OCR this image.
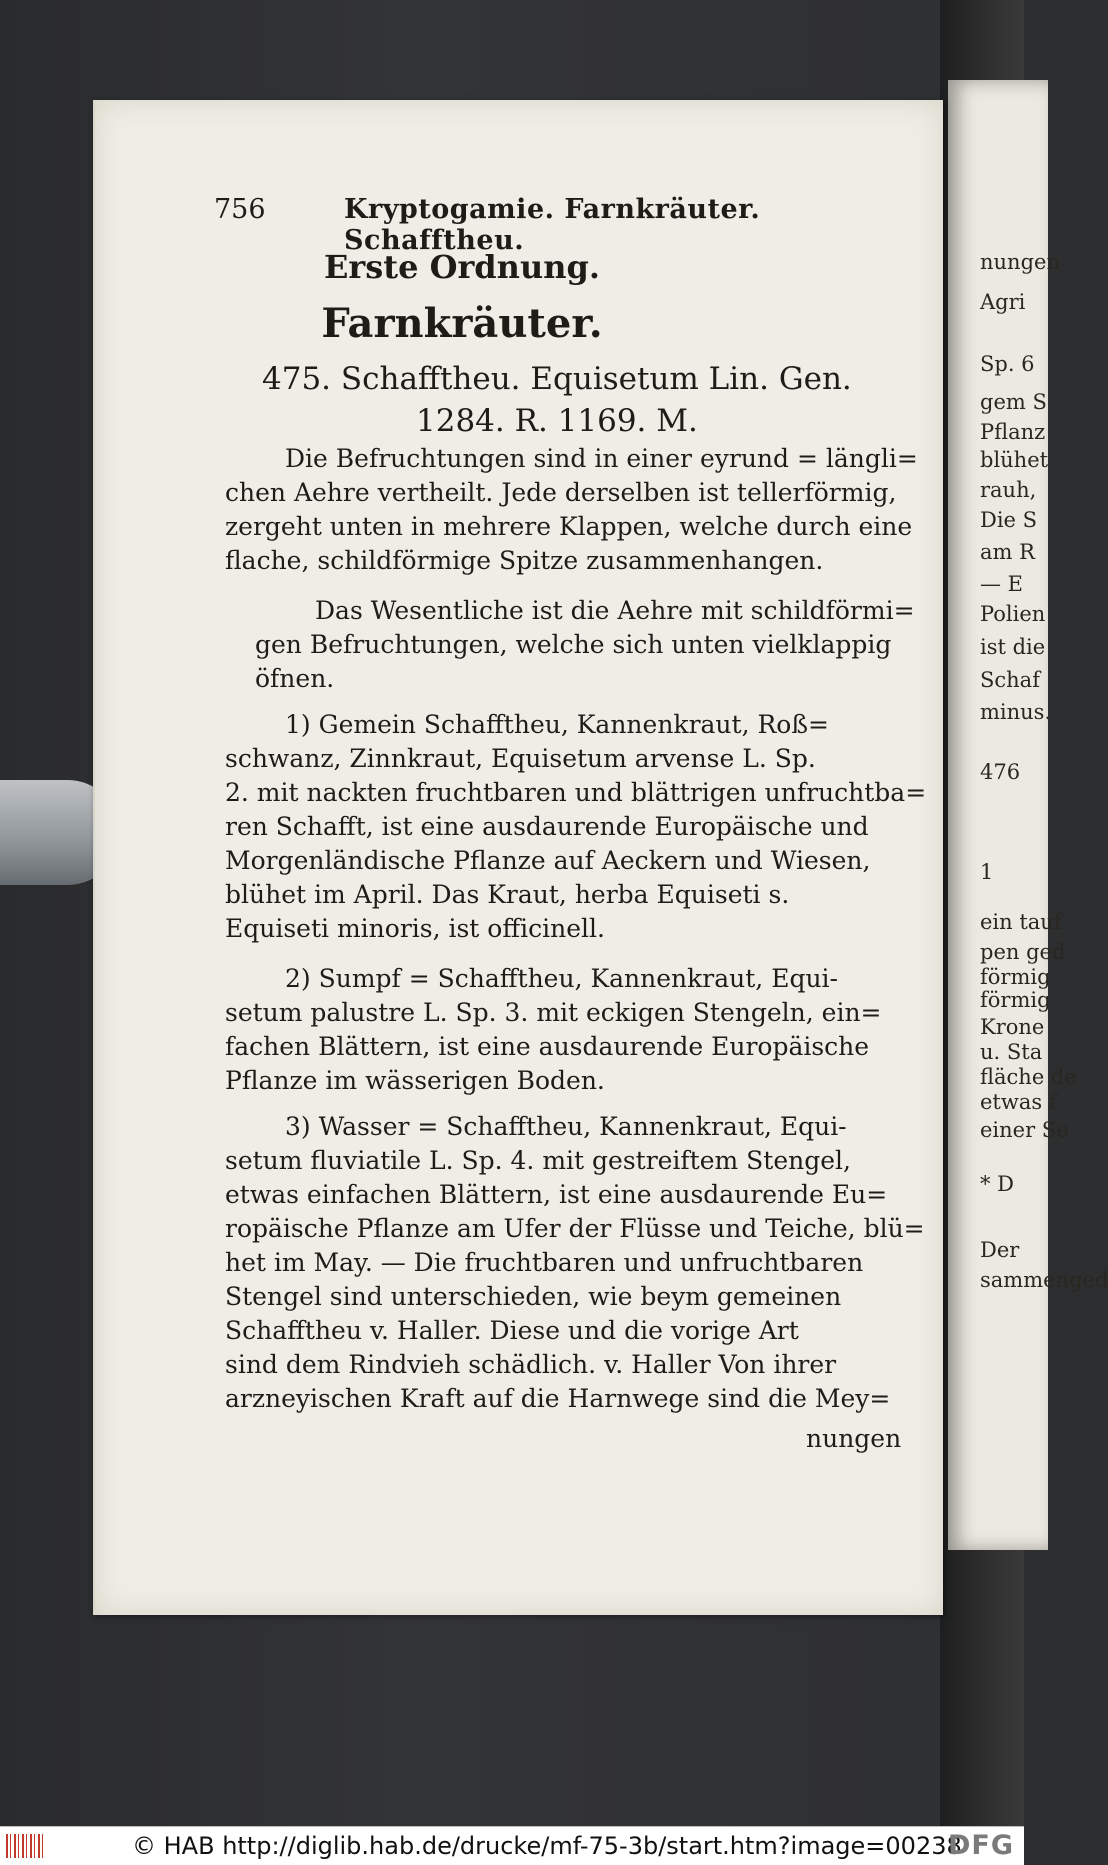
nungen
Agri
Sp. 6
gem S
Pflanz
blühet
rauh,
Die S
am R
— E
Polien
ist die
Schaf
minus.
476
1
ein tauf
pen ged
förmig
förmig
Krone
u. Sta
fläche de
etwas f
einer Se
* D
Der
sammenged
756	Kryptogamie. Farnkräuter. Schafftheu.
Erste Ordnung.
Farnkräuter.
475. Schafftheu. Equisetum Lin. Gen.
1284. R. 1169. M.
Die Befruchtungen sind in einer eyrund = längli=
chen Aehre vertheilt. Jede derselben ist tellerförmig,
zergeht unten in mehrere Klappen, welche durch eine
flache, schildförmige Spitze zusammenhangen.
Das Wesentliche ist die Aehre mit schildförmi=
gen Befruchtungen, welche sich unten vielklappig
öfnen.
1) Gemein Schafftheu, Kannenkraut, Roß=
schwanz, Zinnkraut, Equisetum arvense L. Sp.
2. mit nackten fruchtbaren und blättrigen unfruchtba=
ren Schafft, ist eine ausdaurende Europäische und
Morgenländische Pflanze auf Aeckern und Wiesen,
blühet im April. Das Kraut, herba Equiseti s.
Equiseti minoris, ist officinell.
2) Sumpf = Schafftheu, Kannenkraut, Equi-
setum palustre L. Sp. 3. mit eckigen Stengeln, ein=
fachen Blättern, ist eine ausdaurende Europäische
Pflanze im wässerigen Boden.
3) Wasser = Schafftheu, Kannenkraut, Equi-
setum fluviatile L. Sp. 4. mit gestreiftem Stengel,
etwas einfachen Blättern, ist eine ausdaurende Eu=
ropäische Pflanze am Ufer der Flüsse und Teiche, blü=
het im May. — Die fruchtbaren und unfruchtbaren
Stengel sind unterschieden, wie beym gemeinen
Schafftheu v. Haller. Diese und die vorige Art
sind dem Rindvieh schädlich. v. Haller Von ihrer
arzneyischen Kraft auf die Harnwege sind die Mey=
nungen
© HAB http://diglib.hab.de/drucke/mf-75-3b/start.htm?image=00238
DFG
